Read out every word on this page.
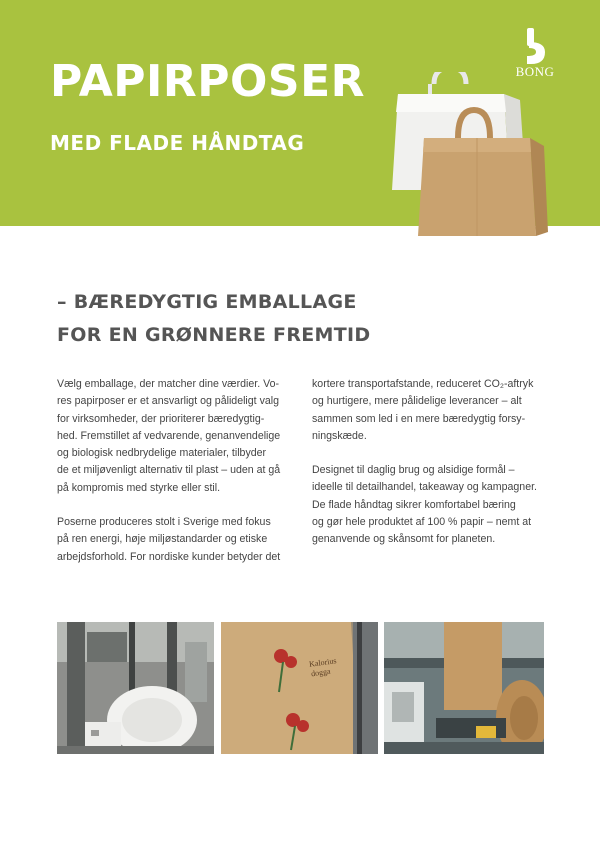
PAPIRPOSER
MED FLADE HÅNDTAG
BONG
– BÆREDYGTIG EMBALLAGE
FOR EN GRØNNERE FREMTID

Vælg emballage, der matcher dine værdier. Vo-
res papirposer er et ansvarligt og pålideligt valg
for virksomheder, der prioriterer bæredygtig-
hed. Fremstillet af vedvarende, genanvendelige
og biologisk nedbrydelige materialer, tilbyder
de et miljøvenligt alternativ til plast – uden at gå
på kompromis med styrke eller stil.

Poserne produceres stolt i Sverige med fokus
på ren energi, høje miljøstandarder og etiske
arbejdsforhold. For nordiske kunder betyder det

kortere transportafstande, reduceret CO₂-aftryk
og hurtigere, mere pålidelige leverancer – alt
sammen som led i en mere bæredygtig forsy-
ningskæde.

Designet til daglig brug og alsidige formål –
ideelle til detailhandel, takeaway og kampagner.
De flade håndtag sikrer komfortabel bæring
og gør hele produktet af 100 % papir – nemt at
genanvende og skånsomt for planeten.

Kalorius
dogga
